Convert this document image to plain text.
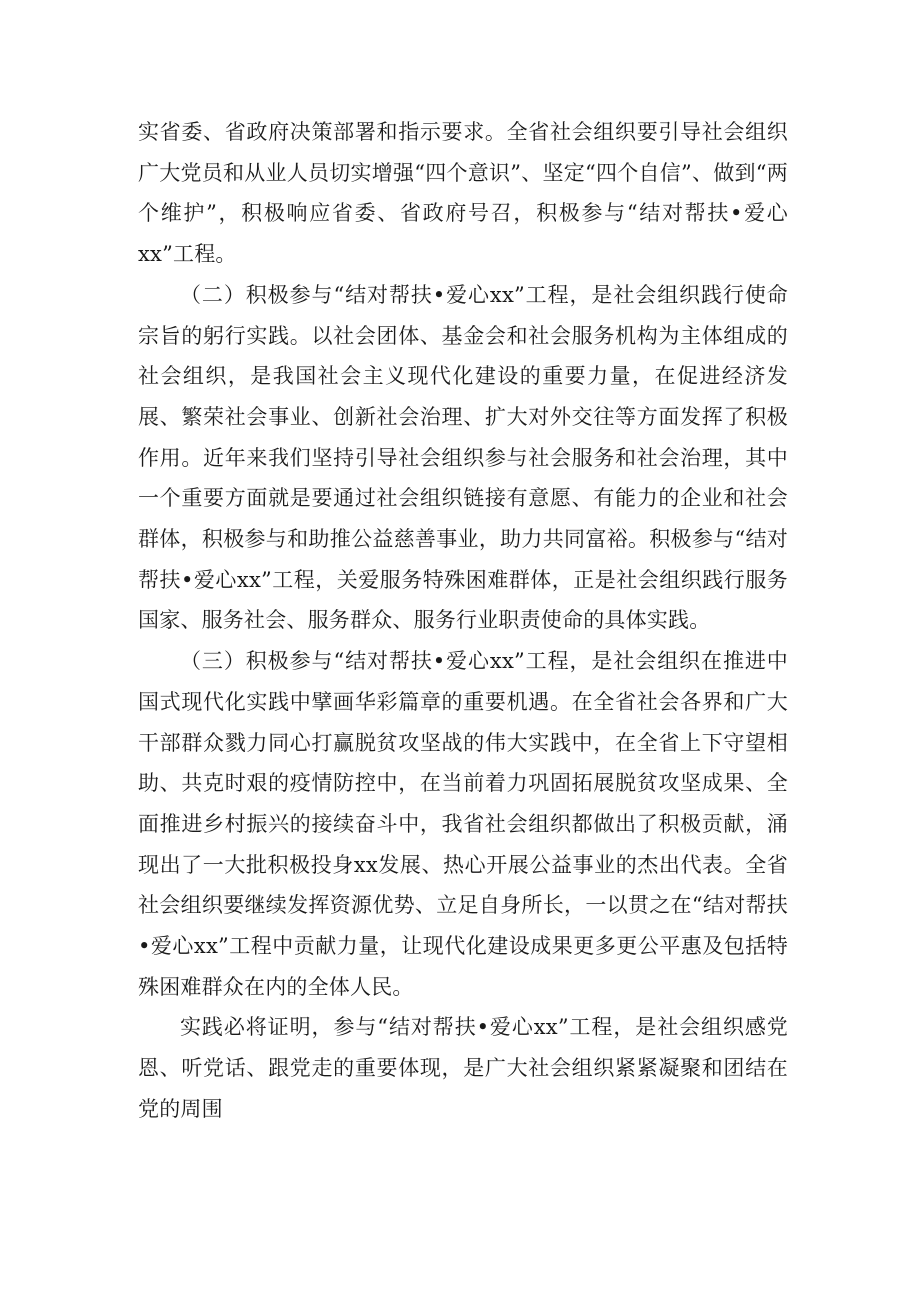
实省委、省政府决策部署和指示要求。全省社会组织要引导社会组织广大党员和从业人员切实增强“四个意识”、坚定“四个自信”、做到“两个维护”，积极响应省委、省政府号召，积极参与“结对帮扶•爱心xx”工程。

（二）积极参与“结对帮扶•爱心xx”工程，是社会组织践行使命宗旨的躬行实践。以社会团体、基金会和社会服务机构为主体组成的社会组织，是我国社会主义现代化建设的重要力量，在促进经济发展、繁荣社会事业、创新社会治理、扩大对外交往等方面发挥了积极作用。近年来我们坚持引导社会组织参与社会服务和社会治理，其中一个重要方面就是要通过社会组织链接有意愿、有能力的企业和社会群体，积极参与和助推公益慈善事业，助力共同富裕。积极参与“结对帮扶•爱心xx”工程，关爱服务特殊困难群体，正是社会组织践行服务国家、服务社会、服务群众、服务行业职责使命的具体实践。

（三）积极参与“结对帮扶•爱心xx”工程，是社会组织在推进中国式现代化实践中擘画华彩篇章的重要机遇。在全省社会各界和广大干部群众戮力同心打赢脱贫攻坚战的伟大实践中，在全省上下守望相助、共克时艰的疫情防控中，在当前着力巩固拓展脱贫攻坚成果、全面推进乡村振兴的接续奋斗中，我省社会组织都做出了积极贡献，涌现出了一大批积极投身xx发展、热心开展公益事业的杰出代表。全省社会组织要继续发挥资源优势、立足自身所长，一以贯之在“结对帮扶•爱心xx”工程中贡献力量，让现代化建设成果更多更公平惠及包括特殊困难群众在内的全体人民。

实践必将证明，参与“结对帮扶•爱心xx”工程，是社会组织感党恩、听党话、跟党走的重要体现，是广大社会组织紧紧凝聚和团结在党的周围
